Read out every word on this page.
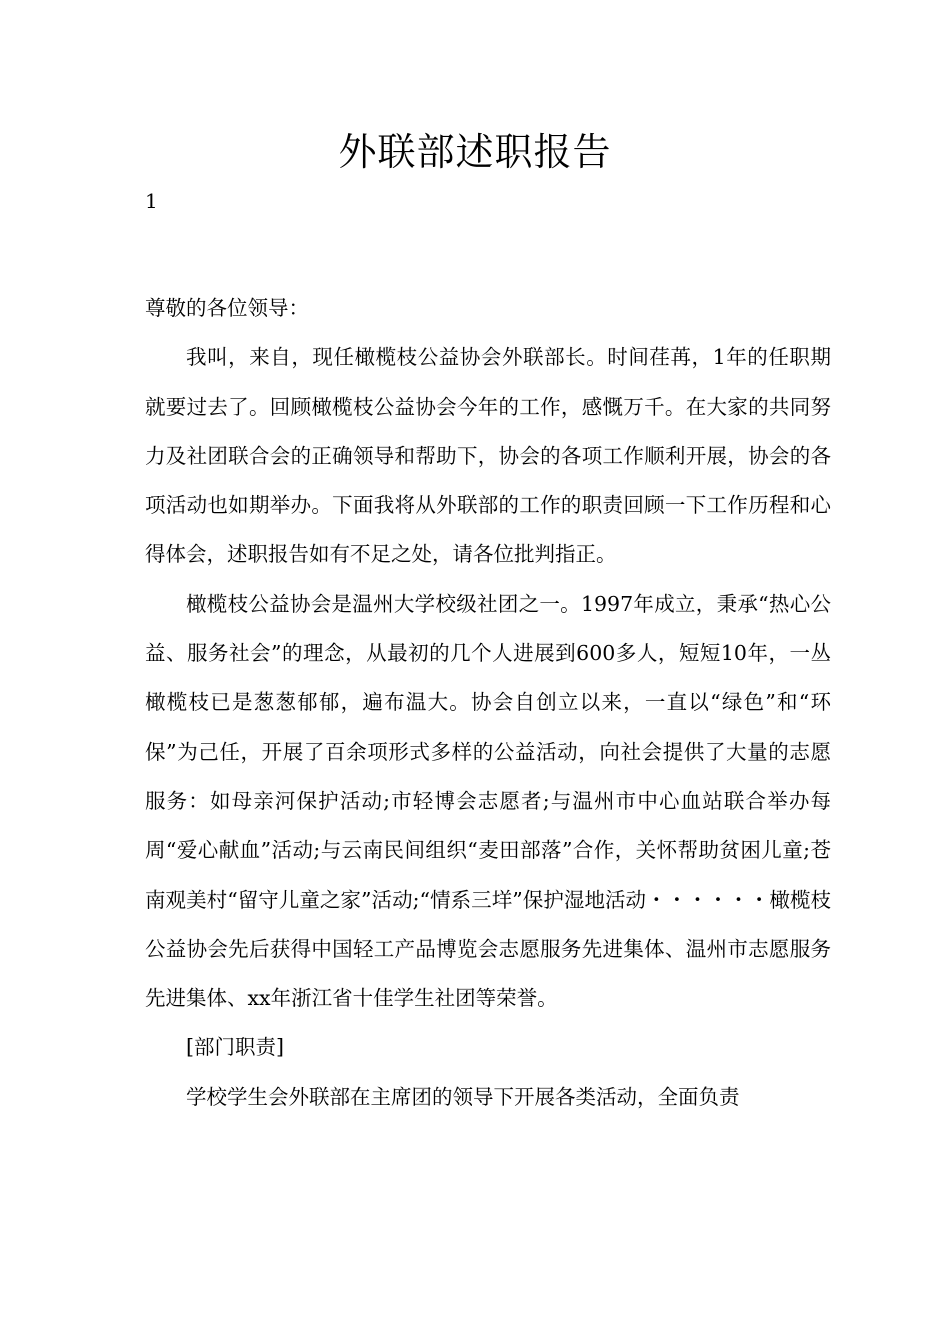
外联部述职报告
1

尊敬的各位领导：

我叫，来自，现任橄榄枝公益协会外联部长。时间荏苒，1年的任职期就要过去了。回顾橄榄枝公益协会今年的工作，感慨万千。在大家的共同努力及社团联合会的正确领导和帮助下，协会的各项工作顺利开展，协会的各项活动也如期举办。下面我将从外联部的工作的职责回顾一下工作历程和心得体会，述职报告如有不足之处，请各位批判指正。

橄榄枝公益协会是温州大学校级社团之一。1997年成立，秉承“热心公益、服务社会”的理念，从最初的几个人进展到600多人，短短10年，一丛橄榄枝已是葱葱郁郁，遍布温大。协会自创立以来，一直以“绿色”和“环保”为己任，开展了百余项形式多样的公益活动，向社会提供了大量的志愿服务：如母亲河保护活动;市轻博会志愿者;与温州市中心血站联合举办每周“爱心献血”活动;与云南民间组织“麦田部落”合作，关怀帮助贫困儿童;苍南观美村“留守儿童之家”活动;“情系三垟”保护湿地活动・・・・・・橄榄枝公益协会先后获得中国轻工产品博览会志愿服务先进集体、温州市志愿服务先进集体、xx年浙江省十佳学生社团等荣誉。

[部门职责]

学校学生会外联部在主席团的领导下开展各类活动，全面负责
